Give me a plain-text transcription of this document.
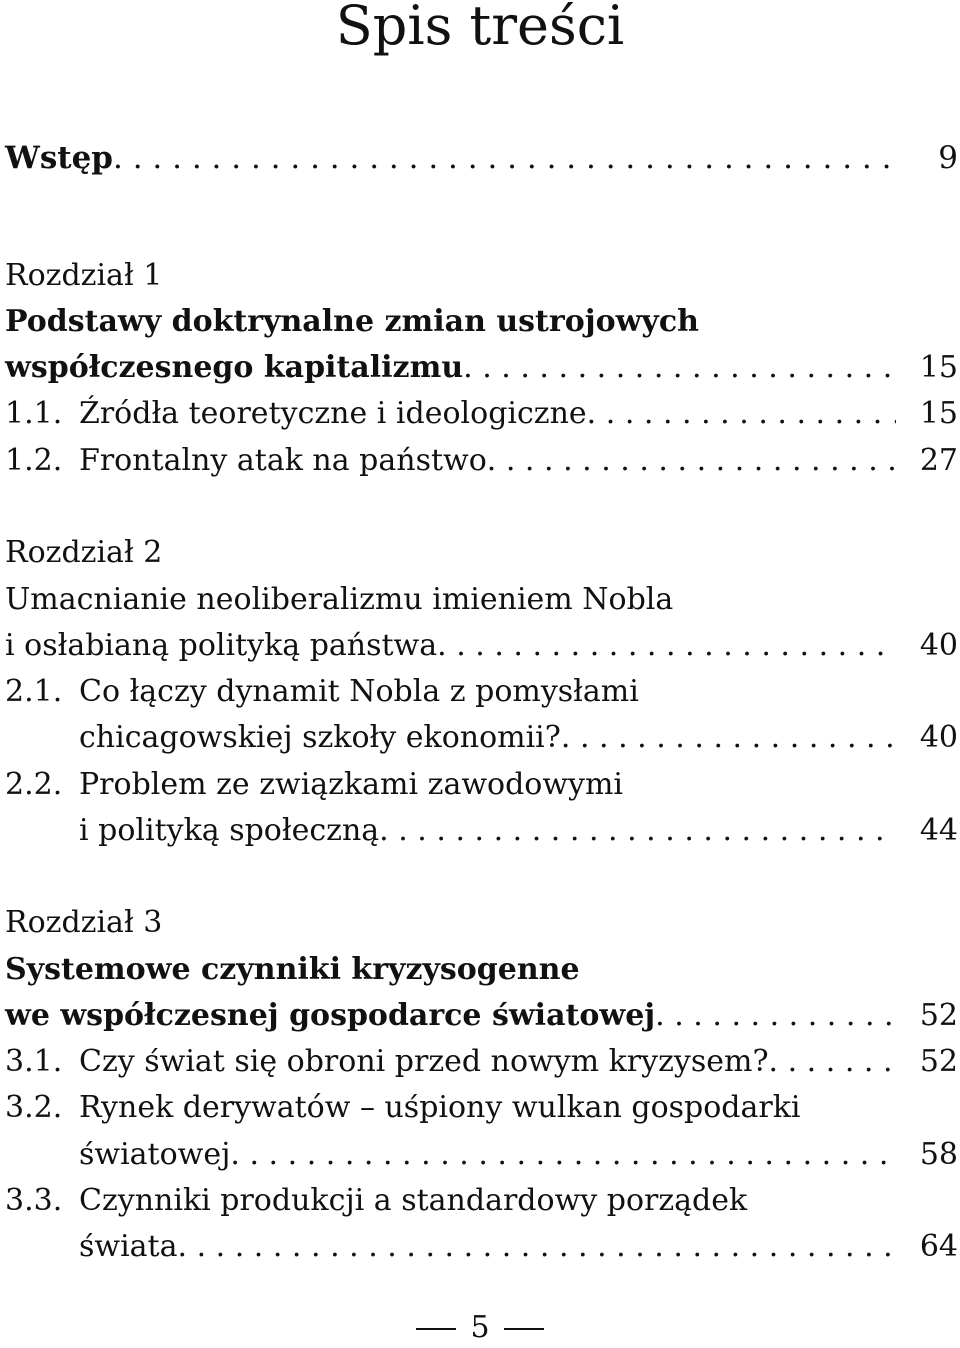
Spis treści
Wstęp . . .	9
Rozdział 1
Podstawy doktrynalne zmian ustrojowych
współczesnego kapitalizmu . . .	15
1.1. Źródła teoretyczne i ideologiczne . . .	15
1.2. Frontalny atak na państwo . . .	27
Rozdział 2
Umacnianie neoliberalizmu imieniem Nobla
i osłabianą polityką państwa . . .	40
2.1. Co łączy dynamit Nobla z pomysłami
chicagowskiej szkoły ekonomii? . . .	40
2.2. Problem ze związkami zawodowymi
i polityką społeczną . . .	44
Rozdział 3
Systemowe czynniki kryzysogenne
we współczesnej gospodarce światowej . . .	52
3.1. Czy świat się obroni przed nowym kryzysem? . . .	52
3.2. Rynek derywatów – uśpiony wulkan gospodarki
światowej . . .	58
3.3. Czynniki produkcji a standardowy porządek
świata . . .	64
5
